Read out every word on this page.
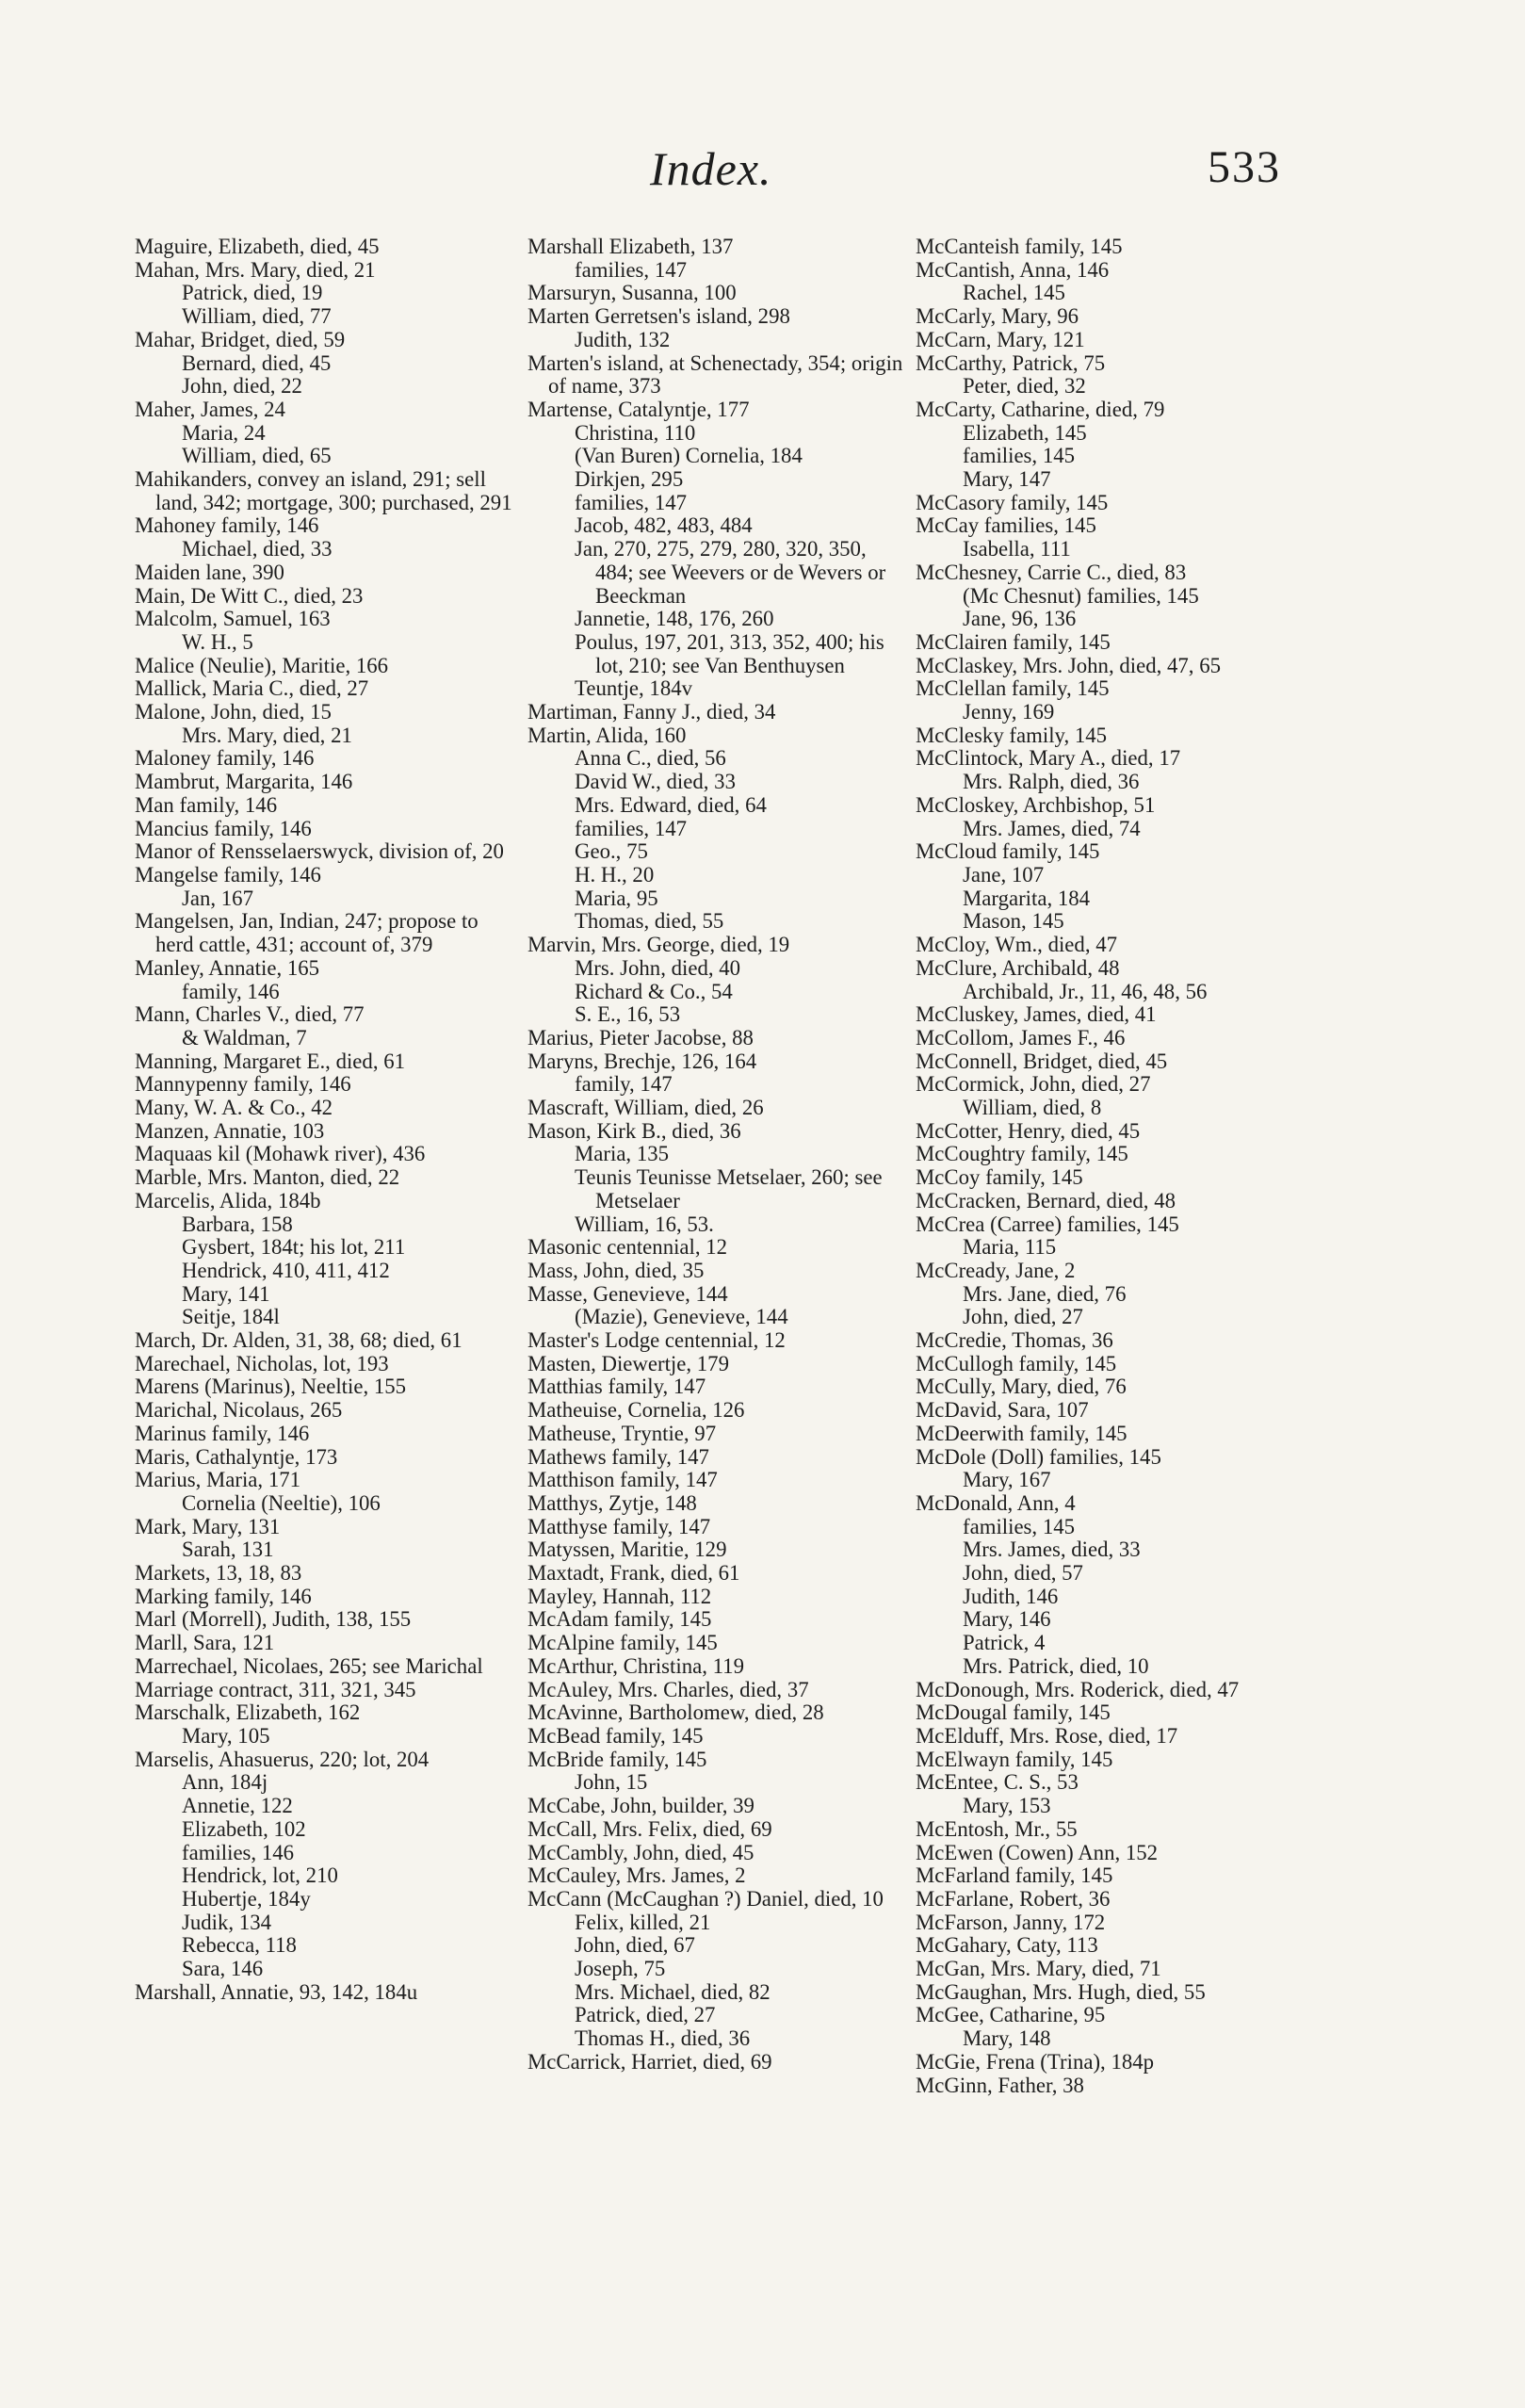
Index.	533

Maguire, Elizabeth, died, 45

Mahan, Mrs. Mary, died, 21

Patrick, died, 19

William, died, 77

Mahar, Bridget, died, 59

Bernard, died, 45

John, died, 22

Maher, James, 24

Maria, 24

William, died, 65

Mahikanders, convey an island, 291; sell land, 342; mortgage, 300; purchased, 291

Mahoney family, 146

Michael, died, 33

Maiden lane, 390

Main, De Witt C., died, 23

Malcolm, Samuel, 163

W. H., 5

Malice (Neulie), Maritie, 166

Mallick, Maria C., died, 27

Malone, John, died, 15

Mrs. Mary, died, 21

Maloney family, 146

Mambrut, Margarita, 146

Man family, 146

Mancius family, 146

Manor of Rensselaerswyck, division of, 20

Mangelse family, 146

Jan, 167

Mangelsen, Jan, Indian, 247; propose to herd cattle, 431; account of, 379

Manley, Annatie, 165

family, 146

Mann, Charles V., died, 77

& Waldman, 7

Manning, Margaret E., died, 61

Mannypenny family, 146

Many, W. A. & Co., 42

Manzen, Annatie, 103

Maquaas kil (Mohawk river), 436

Marble, Mrs. Manton, died, 22

Marcelis, Alida, 184b

Barbara, 158

Gysbert, 184t; his lot, 211

Hendrick, 410, 411, 412

Mary, 141

Seitje, 184l

March, Dr. Alden, 31, 38, 68; died, 61

Marechael, Nicholas, lot, 193

Marens (Marinus), Neeltie, 155

Marichal, Nicolaus, 265

Marinus family, 146

Maris, Cathalyntje, 173

Marius, Maria, 171

Cornelia (Neeltie), 106

Mark, Mary, 131

Sarah, 131

Markets, 13, 18, 83

Marking family, 146

Marl (Morrell), Judith, 138, 155

Marll, Sara, 121

Marrechael, Nicolaes, 265; see Marichal

Marriage contract, 311, 321, 345

Marschalk, Elizabeth, 162

Mary, 105

Marselis, Ahasuerus, 220; lot, 204

Ann, 184j

Annetie, 122

Elizabeth, 102

families, 146

Hendrick, lot, 210

Hubertje, 184y

Judik, 134

Rebecca, 118

Sara, 146

Marshall, Annatie, 93, 142, 184u

Marshall Elizabeth, 137

families, 147

Marsuryn, Susanna, 100

Marten Gerretsen's island, 298

Judith, 132

Marten's island, at Schenectady, 354; origin of name, 373

Martense, Catalyntje, 177

Christina, 110

(Van Buren) Cornelia, 184

Dirkjen, 295

families, 147

Jacob, 482, 483, 484

Jan, 270, 275, 279, 280, 320, 350, 484; see Weevers or de Wevers or Beeckman

Jannetie, 148, 176, 260

Poulus, 197, 201, 313, 352, 400; his lot, 210; see Van Benthuysen

Teuntje, 184v

Martiman, Fanny J., died, 34

Martin, Alida, 160

Anna C., died, 56

David W., died, 33

Mrs. Edward, died, 64

families, 147

Geo., 75

H. H., 20

Maria, 95

Thomas, died, 55

Marvin, Mrs. George, died, 19

Mrs. John, died, 40

Richard & Co., 54

S. E., 16, 53

Marius, Pieter Jacobse, 88

Maryns, Brechje, 126, 164

family, 147

Mascraft, William, died, 26

Mason, Kirk B., died, 36

Maria, 135

Teunis Teunisse Metselaer, 260; see Metselaer

William, 16, 53.

Masonic centennial, 12

Mass, John, died, 35

Masse, Genevieve, 144

(Mazie), Genevieve, 144

Master's Lodge centennial, 12

Masten, Diewertje, 179

Matthias family, 147

Matheuise, Cornelia, 126

Matheuse, Tryntie, 97

Mathews family, 147

Matthison family, 147

Matthys, Zytje, 148

Matthyse family, 147

Matyssen, Maritie, 129

Maxtadt, Frank, died, 61

Mayley, Hannah, 112

McAdam family, 145

McAlpine family, 145

McArthur, Christina, 119

McAuley, Mrs. Charles, died, 37

McAvinne, Bartholomew, died, 28

McBead family, 145

McBride family, 145

John, 15

McCabe, John, builder, 39

McCall, Mrs. Felix, died, 69

McCambly, John, died, 45

McCauley, Mrs. James, 2

McCann (McCaughan ?) Daniel, died, 10

Felix, killed, 21

John, died, 67

Joseph, 75

Mrs. Michael, died, 82

Patrick, died, 27

Thomas H., died, 36

McCarrick, Harriet, died, 69

McCanteish family, 145

McCantish, Anna, 146

Rachel, 145

McCarly, Mary, 96

McCarn, Mary, 121

McCarthy, Patrick, 75

Peter, died, 32

McCarty, Catharine, died, 79

Elizabeth, 145

families, 145

Mary, 147

McCasory family, 145

McCay families, 145

Isabella, 111

McChesney, Carrie C., died, 83

(Mc Chesnut) families, 145

Jane, 96, 136

McClairen family, 145

McClaskey, Mrs. John, died, 47, 65

McClellan family, 145

Jenny, 169

McClesky family, 145

McClintock, Mary A., died, 17

Mrs. Ralph, died, 36

McCloskey, Archbishop, 51

Mrs. James, died, 74

McCloud family, 145

Jane, 107

Margarita, 184

Mason, 145

McCloy, Wm., died, 47

McClure, Archibald, 48

Archibald, Jr., 11, 46, 48, 56

McCluskey, James, died, 41

McCollom, James F., 46

McConnell, Bridget, died, 45

McCormick, John, died, 27

William, died, 8

McCotter, Henry, died, 45

McCoughtry family, 145

McCoy family, 145

McCracken, Bernard, died, 48

McCrea (Carree) families, 145

Maria, 115

McCready, Jane, 2

Mrs. Jane, died, 76

John, died, 27

McCredie, Thomas, 36

McCullogh family, 145

McCully, Mary, died, 76

McDavid, Sara, 107

McDeerwith family, 145

McDole (Doll) families, 145

Mary, 167

McDonald, Ann, 4

families, 145

Mrs. James, died, 33

John, died, 57

Judith, 146

Mary, 146

Patrick, 4

Mrs. Patrick, died, 10

McDonough, Mrs. Roderick, died, 47

McDougal family, 145

McElduff, Mrs. Rose, died, 17

McElwayn family, 145

McEntee, C. S., 53

Mary, 153

McEntosh, Mr., 55

McEwen (Cowen) Ann, 152

McFarland family, 145

McFarlane, Robert, 36

McFarson, Janny, 172

McGahary, Caty, 113

McGan, Mrs. Mary, died, 71

McGaughan, Mrs. Hugh, died, 55

McGee, Catharine, 95

Mary, 148

McGie, Frena (Trina), 184p

McGinn, Father, 38
